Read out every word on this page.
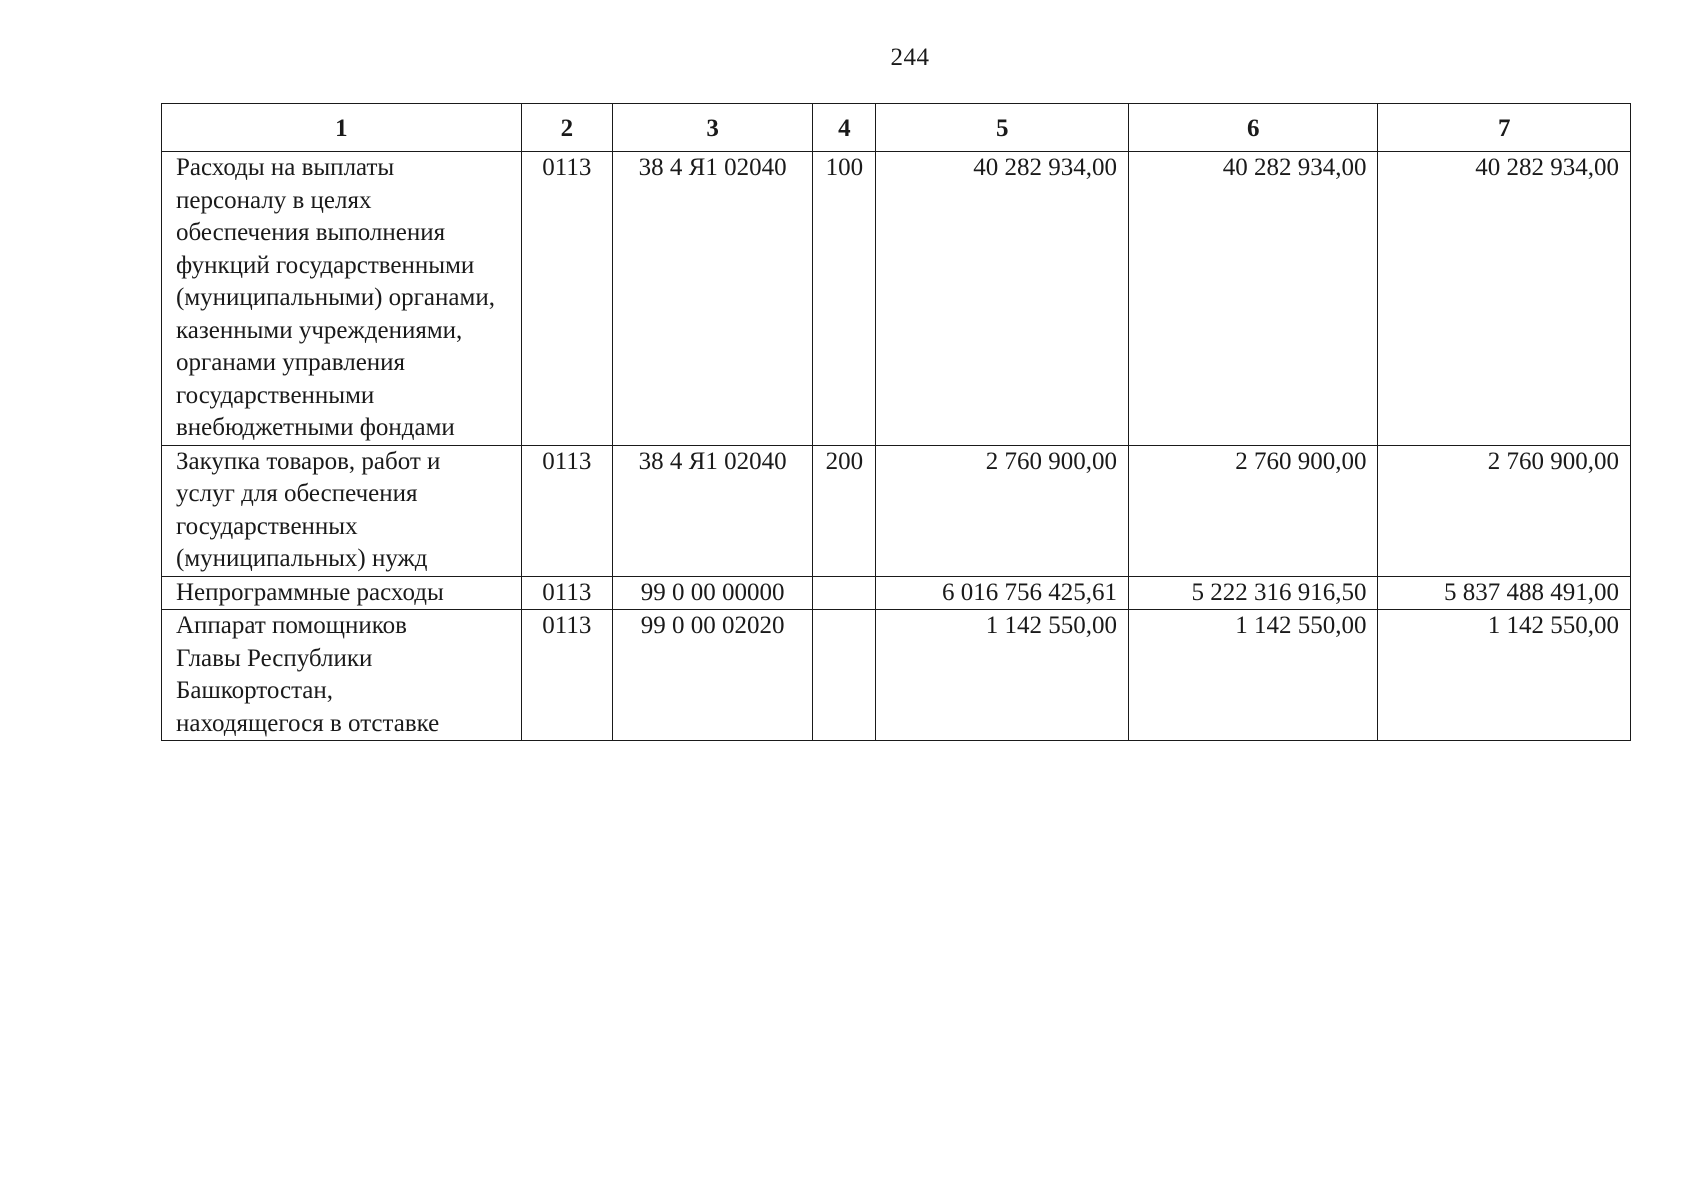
244
1	2	3	4	5	6	7

Расходы на выплаты персоналу в целях обеспечения выполнения функций государственными (муниципальными) органами, казенными учреждениями, органами управления государственными внебюджетными фондами	0113	38 4 Я1 02040	100	40 282 934,00	40 282 934,00	40 282 934,00

Закупка товаров, работ и услуг для обеспечения государственных (муниципальных) нужд	0113	38 4 Я1 02040	200	2 760 900,00	2 760 900,00	2 760 900,00

Непрограммные расходы	0113	99 0 00 00000		6 016 756 425,61	5 222 316 916,50	5 837 488 491,00

Аппарат помощников Главы Республики Башкортостан, находящегося в отставке	0113	99 0 00 02020		1 142 550,00	1 142 550,00	1 142 550,00
